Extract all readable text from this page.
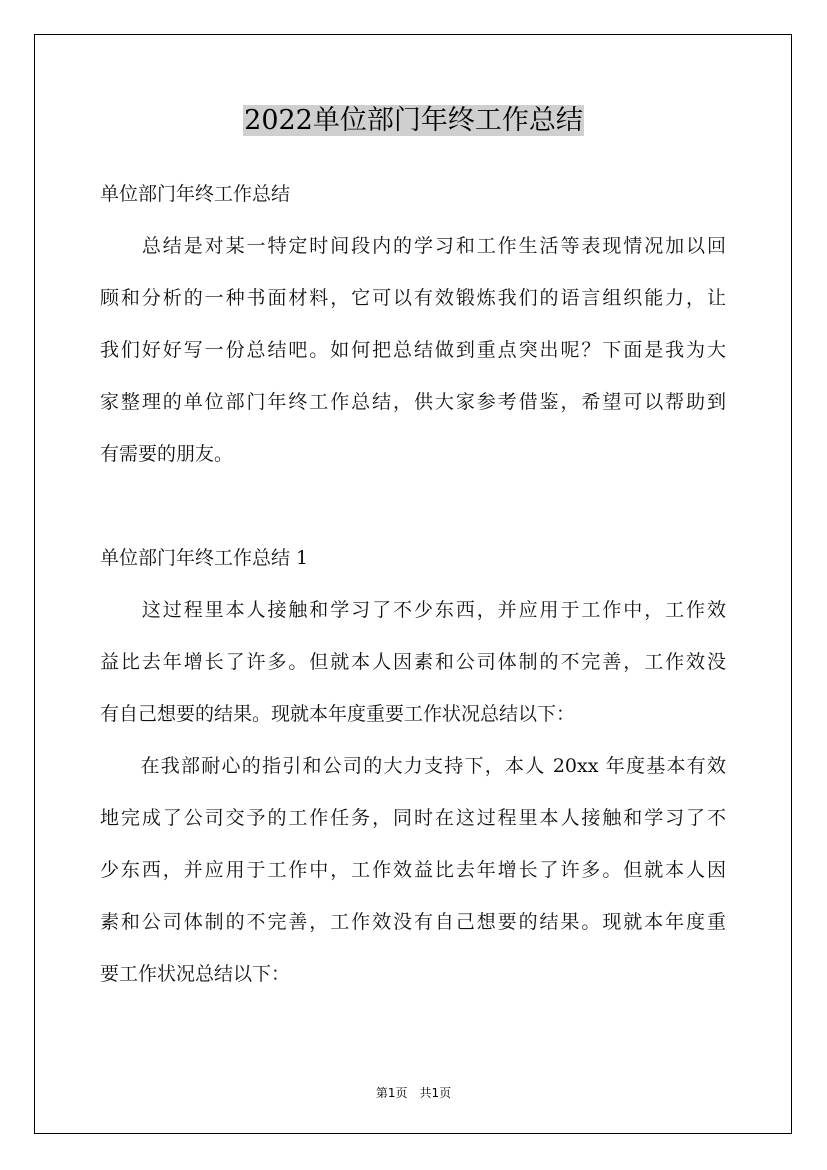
2022单位部门年终工作总结
单位部门年终工作总结
　　总结是对某一特定时间段内的学习和工作生活等表现情况加以回
顾和分析的一种书面材料，它可以有效锻炼我们的语言组织能力，让
我们好好写一份总结吧。如何把总结做到重点突出呢？下面是我为大
家整理的单位部门年终工作总结，供大家参考借鉴，希望可以帮助到
有需要的朋友。
单位部门年终工作总结 1
　　这过程里本人接触和学习了不少东西，并应用于工作中，工作效
益比去年增长了许多。但就本人因素和公司体制的不完善，工作效没
有自己想要的结果。现就本年度重要工作状况总结以下：
　　在我部耐心的指引和公司的大力支持下，本人 20xx 年度基本有效
地完成了公司交予的工作任务，同时在这过程里本人接触和学习了不
少东西，并应用于工作中，工作效益比去年增长了许多。但就本人因
素和公司体制的不完善，工作效没有自己想要的结果。现就本年度重
要工作状况总结以下：
第1页　共1页
